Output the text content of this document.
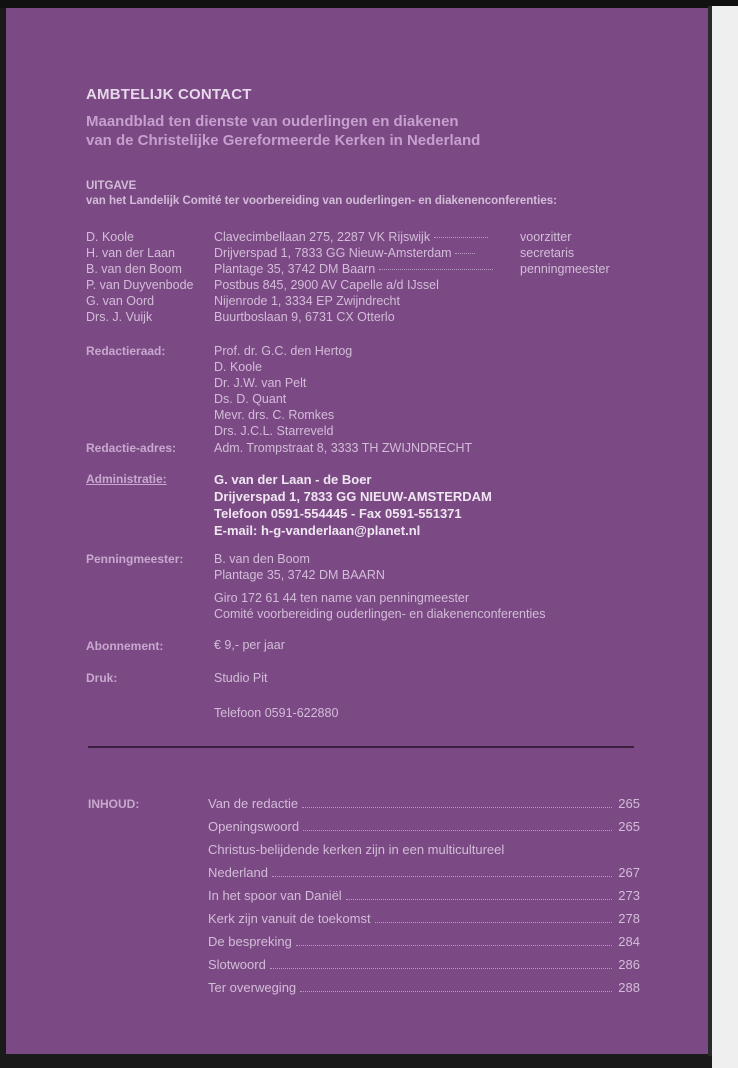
AMBTELIJK CONTACT
Maandblad ten dienste van ouderlingen en diakenen
van de Christelijke Gereformeerde Kerken in Nederland
UITGAVE
van het Landelijk Comité ter voorbereiding van ouderlingen- en diakenenconferenties:
D. Koole	Clavecimbellaan 275, 2287 VK Rijswijk	voorzitter
H. van der Laan	Drijverspad 1, 7833 GG Nieuw-Amsterdam	secretaris
B. van den Boom	Plantage 35, 3742 DM Baarn	penningmeester
P. van Duyvenbode Postbus 845, 2900 AV Capelle a/d IJssel
G. van Oord	Nijenrode 1, 3334 EP Zwijndrecht
Drs. J. Vuijk	Buurtboslaan 9, 6731 CX Otterlo
Redactieraad:	Prof. dr. G.C. den Hertog
D. Koole
Dr. J.W. van Pelt
Ds. D. Quant
Mevr. drs. C. Romkes
Drs. J.C.L. Starreveld
Redactie-adres:	Adm. Trompstraat 8, 3333 TH ZWIJNDRECHT
Administratie:	G. van der Laan - de Boer
Drijverspad 1, 7833 GG NIEUW-AMSTERDAM
Telefoon 0591-554445 - Fax 0591-551371
E-mail: h-g-vanderlaan@planet.nl
Penningmeester: B. van den Boom
Plantage 35, 3742 DM BAARN
Giro 172 61 44 ten name van penningmeester
Comité voorbereiding ouderlingen- en diakenenconferenties
Abonnement:	€ 9,- per jaar
Druk:	Studio Pit
Telefoon 0591-622880
INHOUD:	Van de redactie	265
Openingswoord	265
Christus-belijdende kerken zijn in een multicultureel
Nederland	267
In het spoor van Daniël	273
Kerk zijn vanuit de toekomst	278
De bespreking	284
Slotwoord	286
Ter overweging	288
